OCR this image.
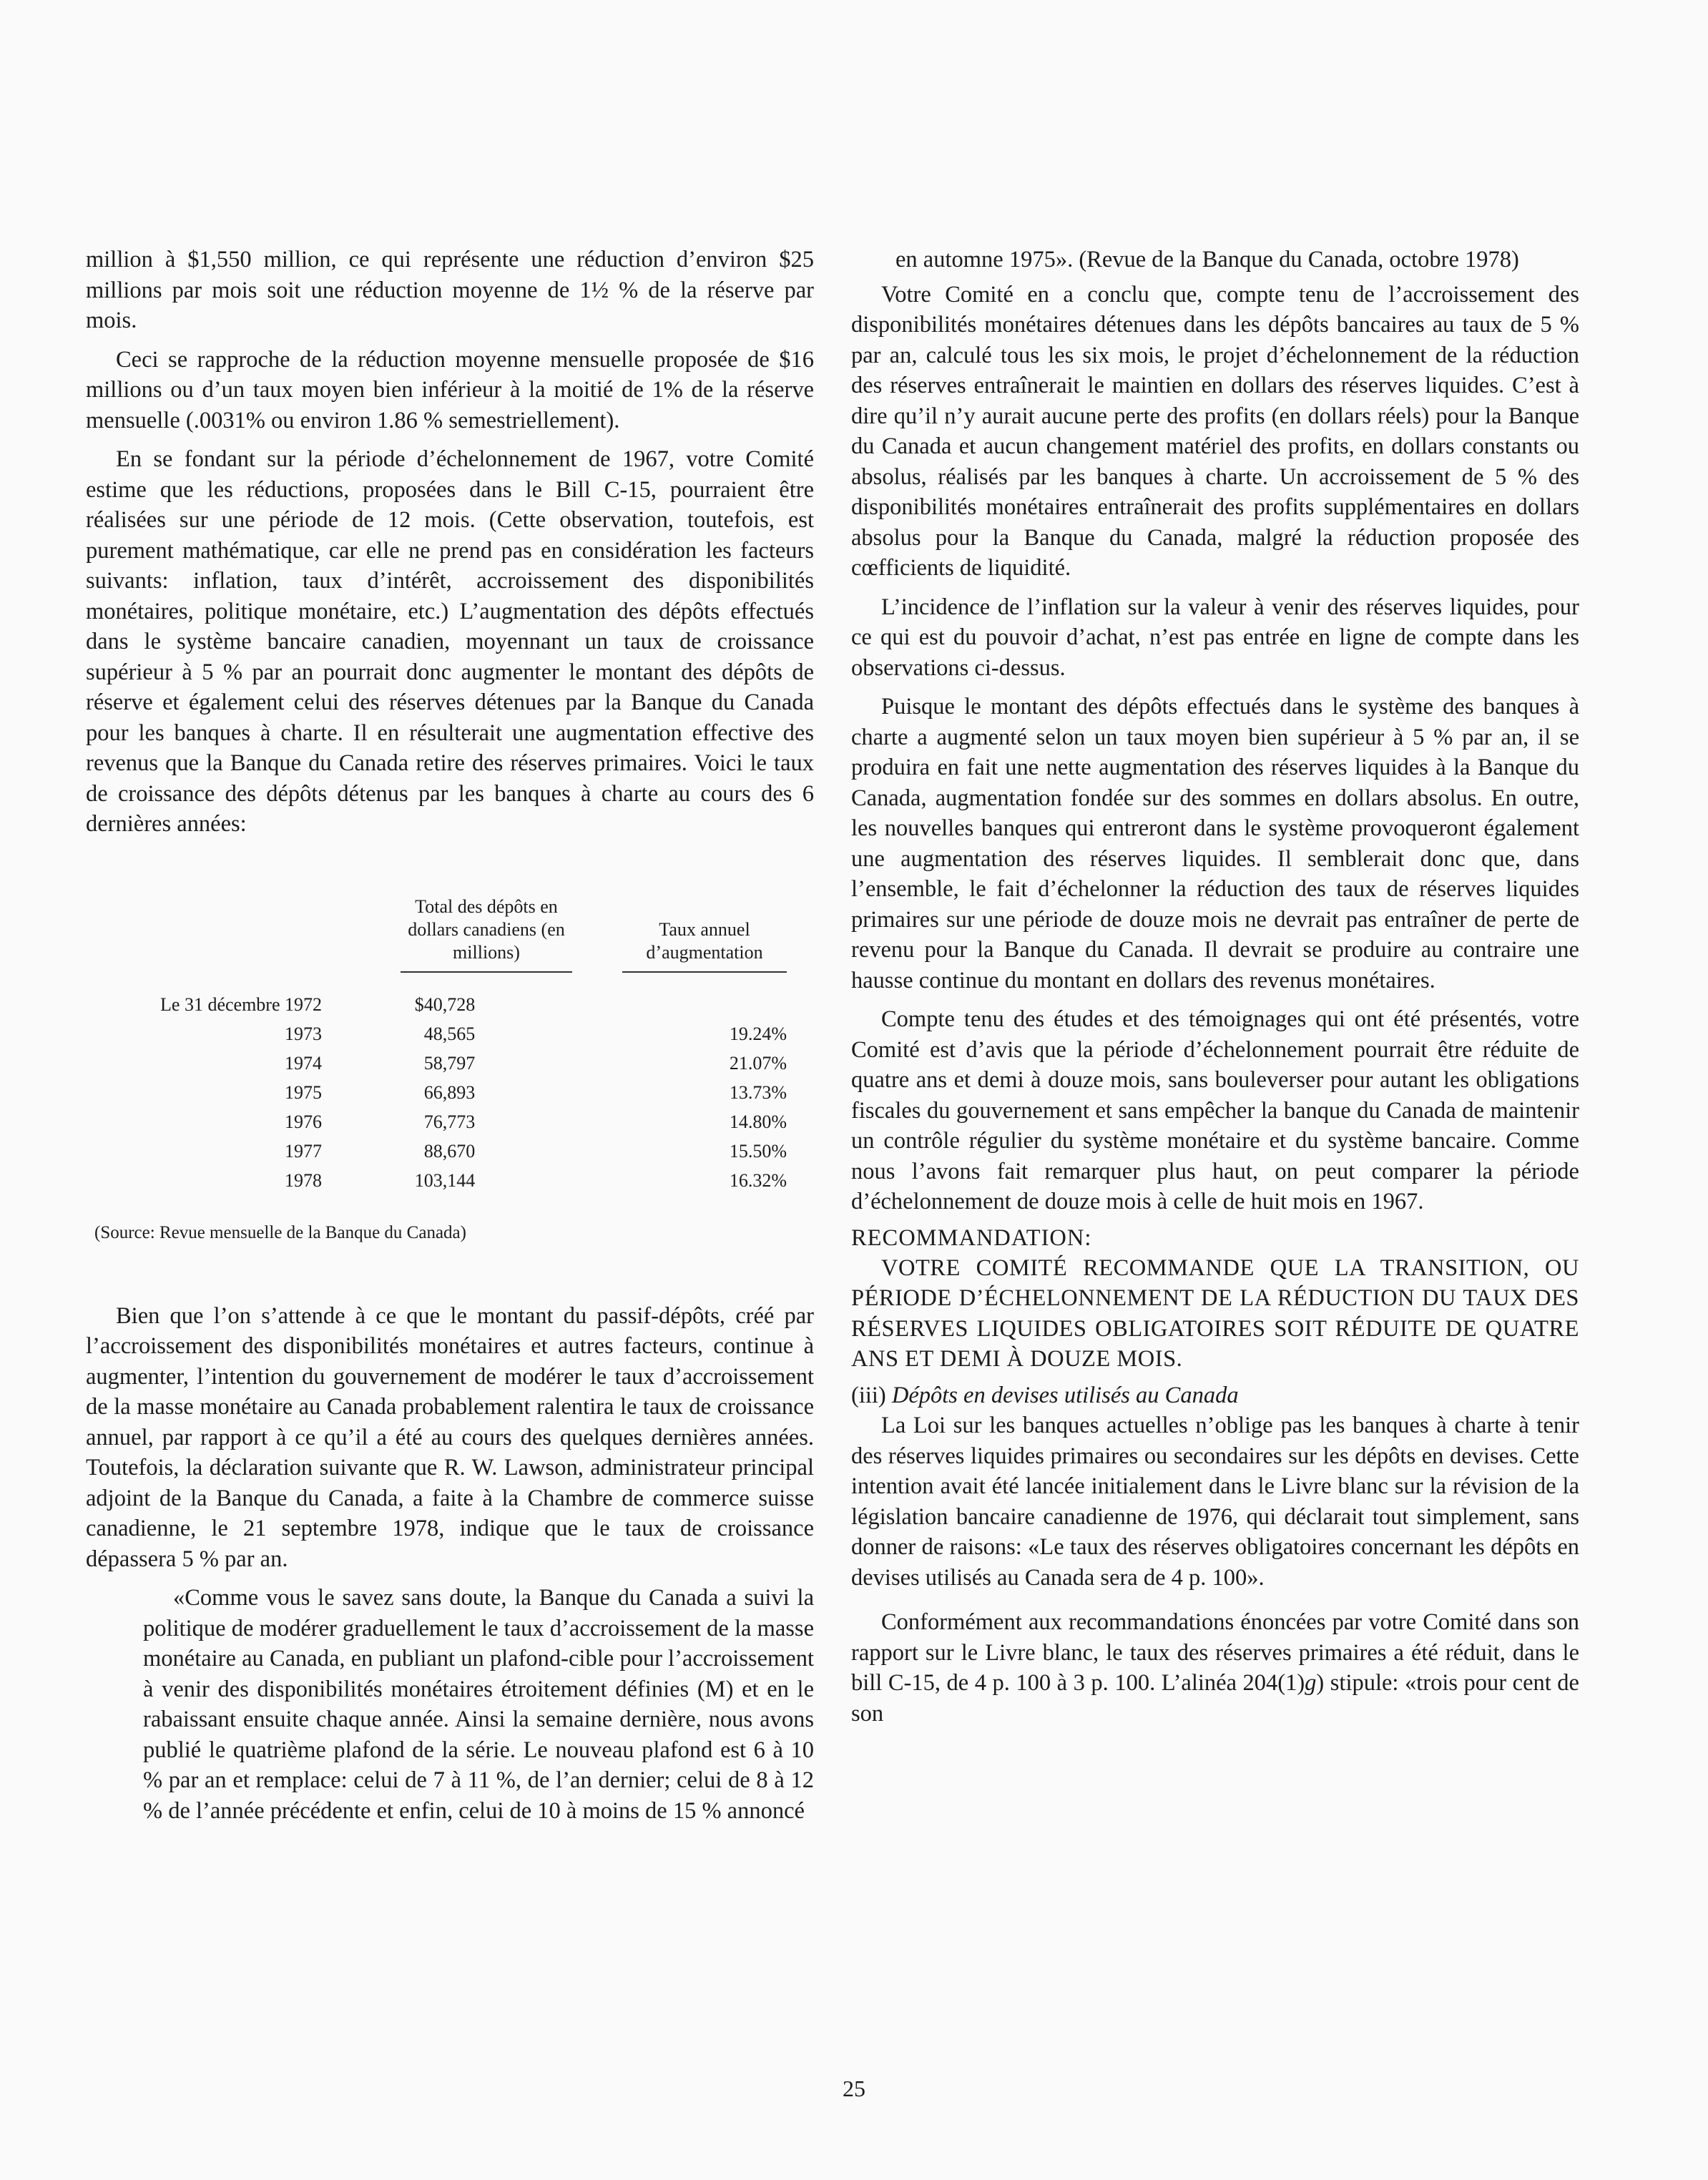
million à $1,550 million, ce qui représente une réduction d’environ $25 millions par mois soit une réduction moyenne de 1½ % de la réserve par mois.

Ceci se rapproche de la réduction moyenne mensuelle proposée de $16 millions ou d’un taux moyen bien inférieur à la moitié de 1% de la réserve mensuelle (.0031% ou environ 1.86 % semestriellement).

En se fondant sur la période d’échelonnement de 1967, votre Comité estime que les réductions, proposées dans le Bill C-15, pourraient être réalisées sur une période de 12 mois. (Cette observation, toutefois, est purement mathématique, car elle ne prend pas en considération les facteurs suivants: inflation, taux d’intérêt, accroissement des disponibilités monétaires, politique monétaire, etc.) L’augmentation des dépôts effectués dans le système bancaire canadien, moyennant un taux de croissance supérieur à 5 % par an pourrait donc augmenter le montant des dépôts de réserve et également celui des réserves détenues par la Banque du Canada pour les banques à charte. Il en résulterait une augmentation effective des revenus que la Banque du Canada retire des réserves primaires. Voici le taux de croissance des dépôts détenus par les banques à charte au cours des 6 dernières années:

	Total des dépôts en dollars canadiens (en millions)		Taux annuel d’augmentation

Le 31 décembre 1972	$40,728		
1973	48,565		19.24%
1974	58,797		21.07%
1975	66,893		13.73%
1976	76,773		14.80%
1977	88,670		15.50%
1978	103,144		16.32%

(Source: Revue mensuelle de la Banque du Canada)

Bien que l’on s’attende à ce que le montant du passif-dépôts, créé par l’accroissement des disponibilités monétaires et autres facteurs, continue à augmenter, l’intention du gouvernement de modérer le taux d’accroissement de la masse monétaire au Canada probablement ralentira le taux de croissance annuel, par rapport à ce qu’il a été au cours des quelques dernières années. Toutefois, la déclaration suivante que R. W. Lawson, administrateur principal adjoint de la Banque du Canada, a faite à la Chambre de commerce suisse canadienne, le 21 septembre 1978, indique que le taux de croissance dépassera 5 % par an.

«Comme vous le savez sans doute, la Banque du Canada a suivi la politique de modérer graduellement le taux d’accroissement de la masse monétaire au Canada, en publiant un plafond-cible pour l’accroissement à venir des disponibilités monétaires étroitement définies (M) et en le rabaissant ensuite chaque année. Ainsi la semaine dernière, nous avons publié le quatrième plafond de la série. Le nouveau plafond est 6 à 10 % par an et remplace: celui de 7 à 11 %, de l’an dernier; celui de 8 à 12 % de l’année précédente et enfin, celui de 10 à moins de 15 % annoncé

en automne 1975». (Revue de la Banque du Canada, octobre 1978)

Votre Comité en a conclu que, compte tenu de l’accroissement des disponibilités monétaires détenues dans les dépôts bancaires au taux de 5 % par an, calculé tous les six mois, le projet d’échelonnement de la réduction des réserves entraînerait le maintien en dollars des réserves liquides. C’est à dire qu’il n’y aurait aucune perte des profits (en dollars réels) pour la Banque du Canada et aucun changement matériel des profits, en dollars constants ou absolus, réalisés par les banques à charte. Un accroissement de 5 % des disponibilités monétaires entraînerait des profits supplémentaires en dollars absolus pour la Banque du Canada, malgré la réduction proposée des cœfficients de liquidité.

L’incidence de l’inflation sur la valeur à venir des réserves liquides, pour ce qui est du pouvoir d’achat, n’est pas entrée en ligne de compte dans les observations ci-dessus.

Puisque le montant des dépôts effectués dans le système des banques à charte a augmenté selon un taux moyen bien supérieur à 5 % par an, il se produira en fait une nette augmentation des réserves liquides à la Banque du Canada, augmentation fondée sur des sommes en dollars absolus. En outre, les nouvelles banques qui entreront dans le système provoqueront également une augmentation des réserves liquides. Il semblerait donc que, dans l’ensemble, le fait d’échelonner la réduction des taux de réserves liquides primaires sur une période de douze mois ne devrait pas entraîner de perte de revenu pour la Banque du Canada. Il devrait se produire au contraire une hausse continue du montant en dollars des revenus monétaires.

Compte tenu des études et des témoignages qui ont été présentés, votre Comité est d’avis que la période d’échelonnement pourrait être réduite de quatre ans et demi à douze mois, sans bouleverser pour autant les obligations fiscales du gouvernement et sans empêcher la banque du Canada de maintenir un contrôle régulier du système monétaire et du système bancaire. Comme nous l’avons fait remarquer plus haut, on peut comparer la période d’échelonnement de douze mois à celle de huit mois en 1967.

RECOMMANDATION:

VOTRE COMITÉ RECOMMANDE QUE LA TRANSITION, OU PÉRIODE D’ÉCHELONNEMENT DE LA RÉDUCTION DU TAUX DES RÉSERVES LIQUIDES OBLIGATOIRES SOIT RÉDUITE DE QUATRE ANS ET DEMI À DOUZE MOIS.

(iii) Dépôts en devises utilisés au Canada

La Loi sur les banques actuelles n’oblige pas les banques à charte à tenir des réserves liquides primaires ou secondaires sur les dépôts en devises. Cette intention avait été lancée initialement dans le Livre blanc sur la révision de la législation bancaire canadienne de 1976, qui déclarait tout simplement, sans donner de raisons: «Le taux des réserves obligatoires concernant les dépôts en devises utilisés au Canada sera de 4 p. 100».

Conformément aux recommandations énoncées par votre Comité dans son rapport sur le Livre blanc, le taux des réserves primaires a été réduit, dans le bill C-15, de 4 p. 100 à 3 p. 100. L’alinéa 204(1)g) stipule: «trois pour cent de son

25
